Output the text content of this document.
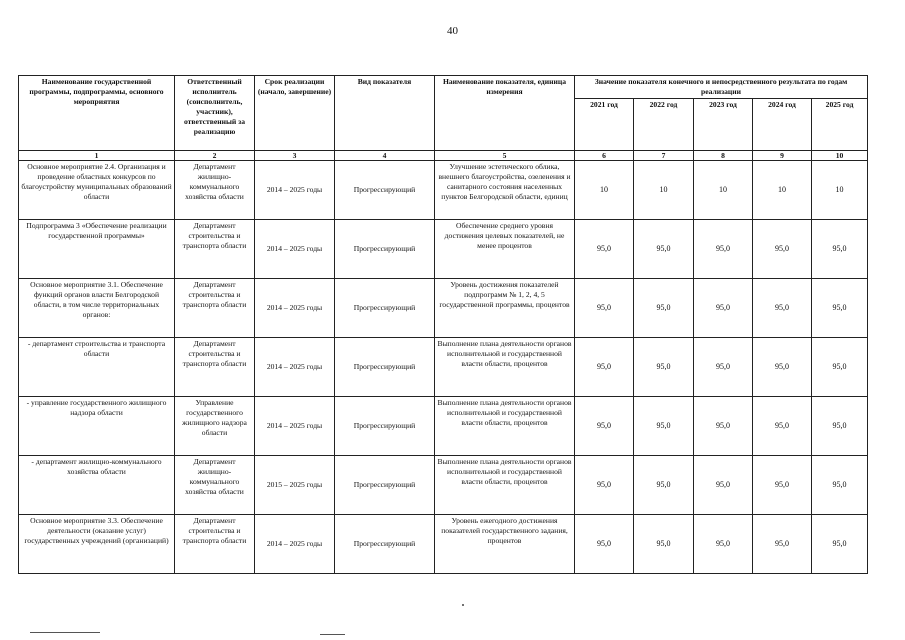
40
Наименование государственной программы, подпрограммы, основного мероприятия	Ответственный исполнитель (соисполнитель, участник), ответственный за реализацию	Срок реализации (начало, завершение)	Вид показателя	Наименование показателя, единица измерения	Значение показателя конечного и непосредственного результата по годам реализации				
					2021 год	2022 год	2023 год	2024 год	2025 год
1	2	3	4	5	6	7	8	9	10
Основное мероприятие 2.4. Организация и проведение областных конкурсов по благоустройству муниципальных образований области	Департамент жилищно-коммунального хозяйства области	2014 – 2025 годы	Прогрессирующий	Улучшение эстетического облика, внешнего благоустройства, озеленения и санитарного состояния населенных пунктов Белгородской области, единиц	10	10	10	10	10
Подпрограмма 3 «Обеспечение реализации государственной программы»	Департамент строительства и транспорта области	2014 – 2025 годы	Прогрессирующий	Обеспечение среднего уровня достижения целевых показателей, не менее процентов	95,0	95,0	95,0	95,0	95,0
Основное мероприятие 3.1. Обеспечение функций органов власти Белгородской области, в том числе территориальных органов:	Департамент строительства и транспорта области	2014 – 2025 годы	Прогрессирующий	Уровень достижения показателей подпрограмм № 1, 2, 4, 5 государственной программы, процентов	95,0	95,0	95,0	95,0	95,0
- департамент строительства и транспорта области	Департамент строительства и транспорта области	2014 – 2025 годы	Прогрессирующий	Выполнение плана деятельности органов исполнительной и государственной власти области, процентов	95,0	95,0	95,0	95,0	95,0
- управление государственного жилищного надзора области	Управление государственного жилищного надзора области	2014 – 2025 годы	Прогрессирующий	Выполнение плана деятельности органов исполнительной и государственной власти области, процентов	95,0	95,0	95,0	95,0	95,0
- департамент жилищно-коммунального хозяйства области	Департамент жилищно-коммунального хозяйства области	2015 – 2025 годы	Прогрессирующий	Выполнение плана деятельности органов исполнительной и государственной власти области, процентов	95,0	95,0	95,0	95,0	95,0
Основное мероприятие 3.3. Обеспечение деятельности (оказание услуг) государственных учреждений (организаций)	Департамент строительства и транспорта области	2014 – 2025 годы	Прогрессирующий	Уровень ежегодного достижения показателей государственного задания, процентов	95,0	95,0	95,0	95,0	95,0
